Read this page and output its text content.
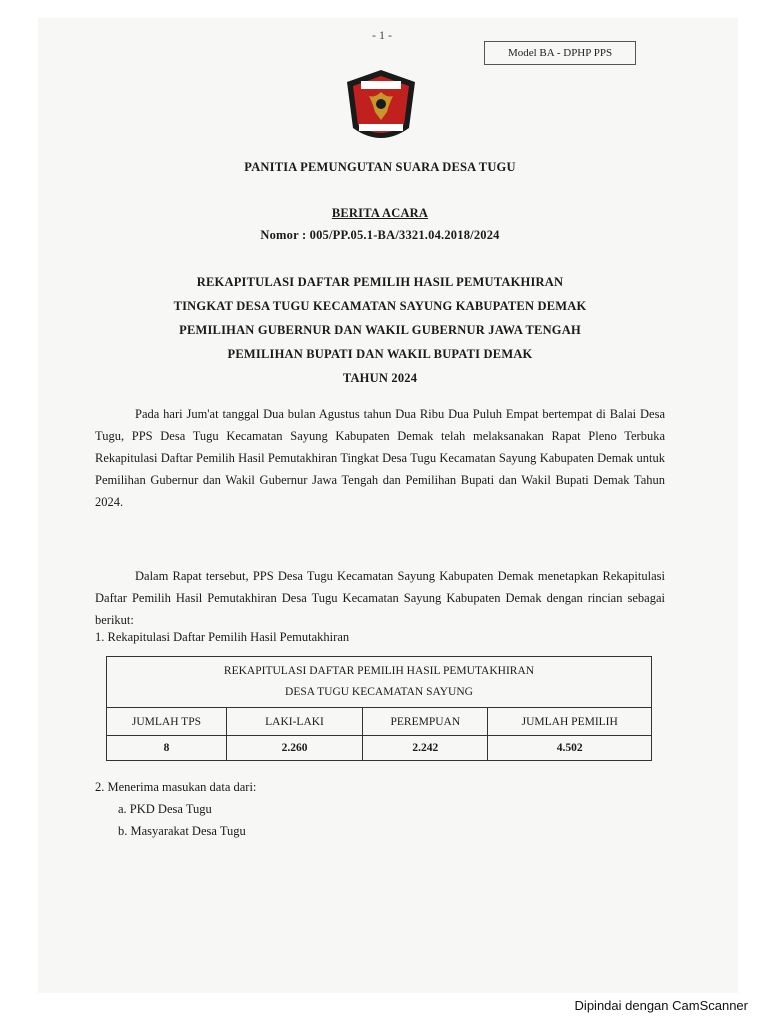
- 1 -
Model BA - DPHP PPS
PANITIA PEMUNGUTAN SUARA DESA TUGU
BERITA ACARA
Nomor : 005/PP.05.1-BA/3321.04.2018/2024
REKAPITULASI DAFTAR PEMILIH HASIL PEMUTAKHIRAN
TINGKAT DESA TUGU KECAMATAN SAYUNG KABUPATEN DEMAK
PEMILIHAN GUBERNUR DAN WAKIL GUBERNUR JAWA TENGAH
PEMILIHAN BUPATI DAN WAKIL BUPATI DEMAK
TAHUN 2024
Pada hari Jum'at tanggal Dua bulan Agustus tahun Dua Ribu Dua Puluh Empat bertempat di Balai Desa Tugu, PPS Desa Tugu Kecamatan Sayung Kabupaten Demak telah melaksanakan Rapat Pleno Terbuka Rekapitulasi Daftar Pemilih Hasil Pemutakhiran Tingkat Desa Tugu Kecamatan Sayung Kabupaten Demak untuk Pemilihan Gubernur dan Wakil Gubernur Jawa Tengah dan Pemilihan Bupati dan Wakil Bupati Demak Tahun 2024.
Dalam Rapat tersebut, PPS Desa Tugu Kecamatan Sayung Kabupaten Demak menetapkan Rekapitulasi Daftar Pemilih Hasil Pemutakhiran Desa Tugu Kecamatan Sayung Kabupaten Demak dengan rincian sebagai berikut:
1. Rekapitulasi Daftar Pemilih Hasil Pemutakhiran
REKAPITULASI DAFTAR PEMILIH HASIL PEMUTAKHIRAN
DESA TUGU KECAMATAN SAYUNG			

JUMLAH TPS	LAKI-LAKI	PEREMPUAN	JUMLAH PEMILIH
8	2.260	2.242	4.502
2. Menerima masukan data dari:
a. PKD Desa Tugu
b. Masyarakat Desa Tugu
Dipindai dengan CamScanner
